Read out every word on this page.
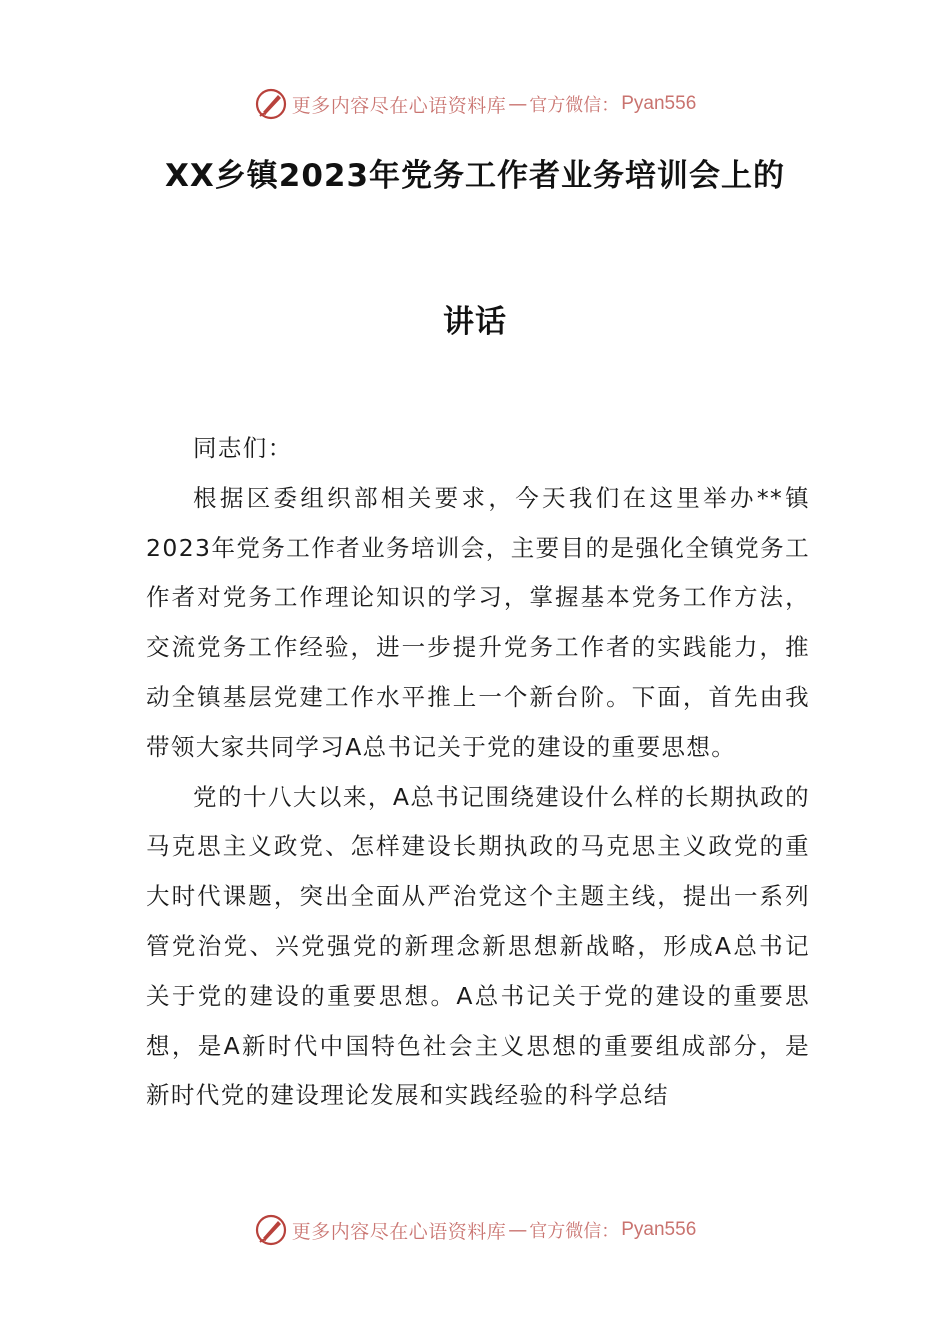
更多内容尽在心语资料库 — 官方微信： Pyan556
XX乡镇2023年党务工作者业务培训会上的
讲话

同志们：

根据区委组织部相关要求，今天我们在这里举办**镇2023年党务工作者业务培训会，主要目的是强化全镇党务工作者对党务工作理论知识的学习，掌握基本党务工作方法，交流党务工作经验，进一步提升党务工作者的实践能力，推动全镇基层党建工作水平推上一个新台阶。下面，首先由我带领大家共同学习A总书记关于党的建设的重要思想。

党的十八大以来，A总书记围绕建设什么样的长期执政的马克思主义政党、怎样建设长期执政的马克思主义政党的重大时代课题，突出全面从严治党这个主题主线，提出一系列管党治党、兴党强党的新理念新思想新战略，形成A总书记关于党的建设的重要思想。A总书记关于党的建设的重要思想，是A新时代中国特色社会主义思想的重要组成部分，是新时代党的建设理论发展和实践经验的科学总结

更多内容尽在心语资料库 — 官方微信： Pyan556
